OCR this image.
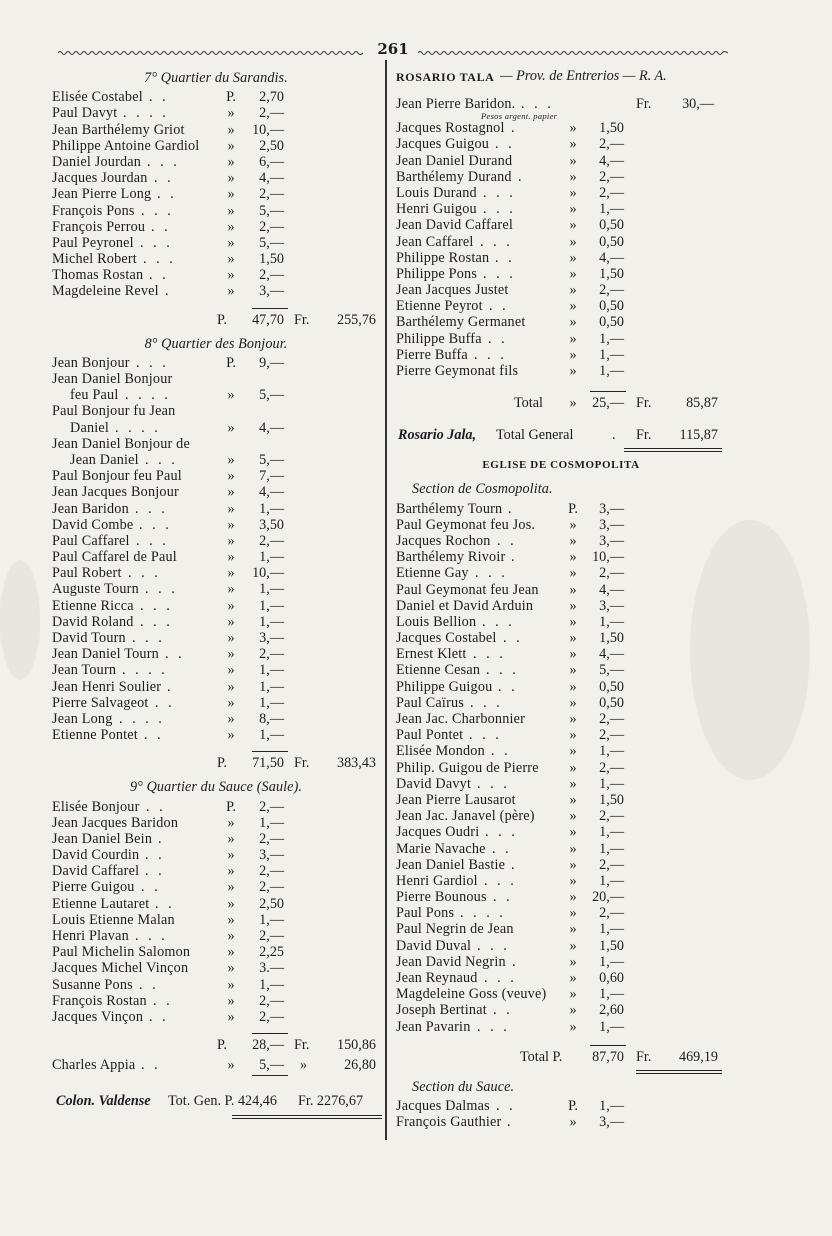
261
7° Quartier du Sarandis.
Elisée Costabel . .	P.	2,70
Paul Davyt . . . .	»	2,—
Jean Barthélemy Griot	»	10,—
Philippe Antoine Gardiol	»	2,50
Daniel Jourdan . . .	»	6,—
Jacques Jourdan . .	»	4,—
Jean Pierre Long . .	»	2,—
François Pons . . .	»	5,—
François Perrou . .	»	2,—
Paul Peyronel . . .	»	5,—
Michel Robert . . .	»	1,50
Thomas Rostan . .	»	2,—
Magdeleine Revel .	»	3,—
P.	47,70 Fr.	255,76
8° Quartier des Bonjour.
Jean Bonjour . . .	P.	9,—
Jean Daniel Bonjour
feu Paul . . . .	»	5,—
Paul Bonjour fu Jean
Daniel . . . .	»	4,—
Jean Daniel Bonjour de
Jean Daniel . . .	»	5,—
Paul Bonjour feu Paul	»	7,—
Jean Jacques Bonjour	»	4,—
Jean Baridon . . .	»	1,—
David Combe . . .	»	3,50
Paul Caffarel . . .	»	2,—
Paul Caffarel de Paul	»	1,—
Paul Robert . . .	»	10,—
Auguste Tourn . . .	»	1,—
Etienne Ricca . . .	»	1,—
David Roland . . .	»	1,—
David Tourn . . .	»	3,—
Jean Daniel Tourn . .	»	2,—
Jean Tourn . . . .	»	1,—
Jean Henri Soulier .	»	1,—
Pierre Salvageot . .	»	1,—
Jean Long . . . .	»	8,—
Etienne Pontet . .	»	1,—
P.	71,50 Fr.	383,43
9° Quartier du Sauce (Saule).
Elisée Bonjour . .	P.	2,—
Jean Jacques Baridon	»	1,—
Jean Daniel Bein .	»	2,—
David Courdin . .	»	3,—
David Caffarel . .	»	2,—
Pierre Guigou . .	»	2,—
Etienne Lautaret . .	»	2,50
Louis Etienne Malan	»	1,—
Henri Plavan . . .	»	2,—
Paul Michelin Salomon	»	2,25
Jacques Michel Vinçon	»	3.—
Susanne Pons . .	»	1,—
François Rostan . .	»	2,—
Jacques Vinçon . .	»	2,—
P.	28,— Fr.	150,86
Charles Appia . .	»	5,— »	26,80
Colon. Valdense Tot. Gen. P. 424,46 Fr. 2276,67
ROSARIO TALA — Prov. de Entrerios — R. A.
Jean Pierre Baridon. . . .	Fr.	30,—
Pesos argent. papier
Jacques Rostagnol .	»	1,50
Jacques Guigou . .	»	2,—
Jean Daniel Durand	»	4,—
Barthélemy Durand .	»	2,—
Louis Durand . . .	»	2,—
Henri Guigou . . .	»	1,—
Jean David Caffarel	»	0,50
Jean Caffarel . . .	»	0,50
Philippe Rostan . .	»	4,—
Philippe Pons . . .	»	1,50
Jean Jacques Justet	»	2,—
Etienne Peyrot . .	»	0,50
Barthélemy Germanet	»	0,50
Philippe Buffa . .	»	1,—
Pierre Buffa . . .	»	1,—
Pierre Geymonat fils	»	1,—
Total	»	25,— Fr.	85,87
Rosario Jala, Total General	. Fr.	115,87
EGLISE DE COSMOPOLITA
Section de Cosmopolita.
Barthélemy Tourn .	P.	3,—
Paul Geymonat feu Jos.	»	3,—
Jacques Rochon . .	»	3,—
Barthélemy Rivoir .	»	10,—
Etienne Gay . . .	»	2,—
Paul Geymonat feu Jean	»	4,—
Daniel et David Arduin	»	3,—
Louis Bellion . . .	»	1,—
Jacques Costabel . .	»	1,50
Ernest Klett . . .	»	4,—
Etienne Cesan . . .	»	5,—
Philippe Guigou . .	»	0,50
Paul Caïrus . . .	»	0,50
Jean Jac. Charbonnier	»	2,—
Paul Pontet . . .	»	2,—
Elisée Mondon . .	»	1,—
Philip. Guigou de Pierre	»	2,—
David Davyt . . .	»	1,—
Jean Pierre Lausarot	»	1,50
Jean Jac. Janavel (père)	»	2,—
Jacques Oudri . . .	»	1,—
Marie Navache . .	»	1,—
Jean Daniel Bastie .	»	2,—
Henri Gardiol . . .	»	1,—
Pierre Bounous . .	»	20,—
Paul Pons . . . .	»	2,—
Paul Negrin de Jean	»	1,—
David Duval . . .	»	1,50
Jean David Negrin .	»	1,—
Jean Reynaud . . .	»	0,60
Magdeleine Goss (veuve)	»	1,—
Joseph Bertinat . .	»	2,60
Jean Pavarin . . .	»	1,—
Total P.	87,70 Fr.	469,19
Section du Sauce.
Jacques Dalmas . .	P.	1,—
François Gauthier .	»	3,—
